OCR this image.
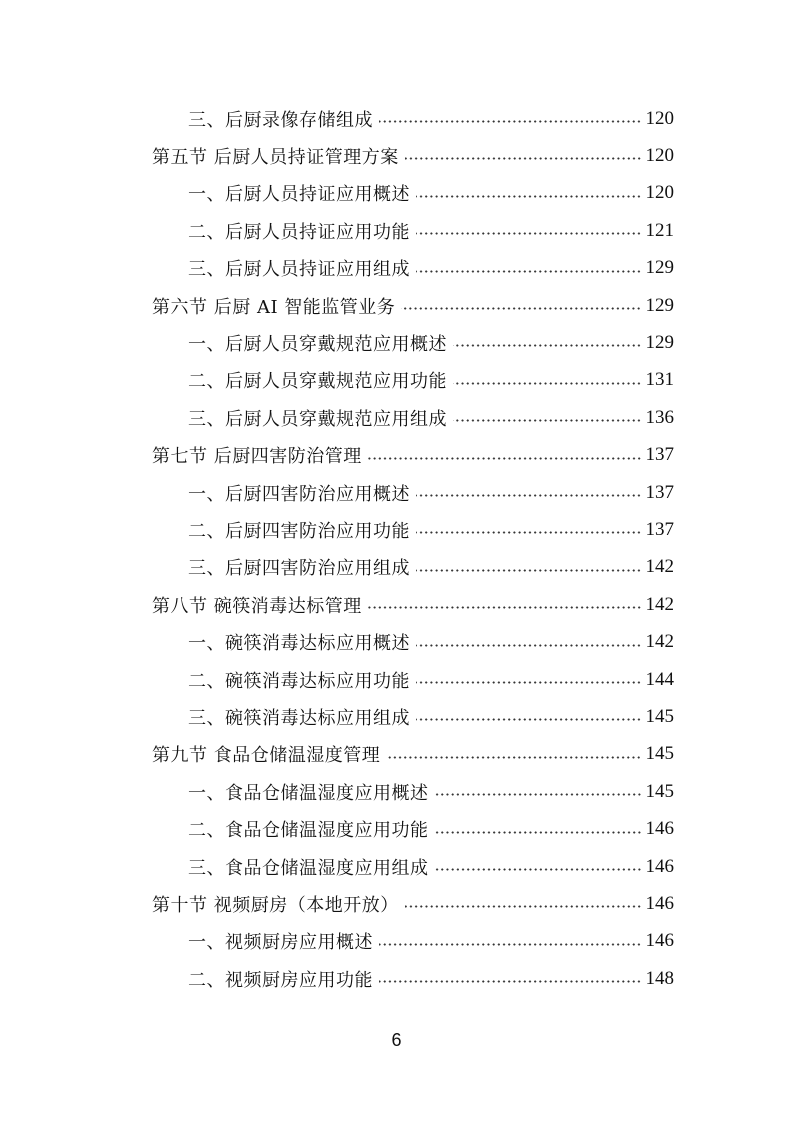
三、后厨录像存储组成	120
第五节 后厨人员持证管理方案	120
一、后厨人员持证应用概述	120
二、后厨人员持证应用功能	121
三、后厨人员持证应用组成	129
第六节 后厨 AI 智能监管业务	129
一、后厨人员穿戴规范应用概述	129
二、后厨人员穿戴规范应用功能	131
三、后厨人员穿戴规范应用组成	136
第七节 后厨四害防治管理	137
一、后厨四害防治应用概述	137
二、后厨四害防治应用功能	137
三、后厨四害防治应用组成	142
第八节 碗筷消毒达标管理	142
一、碗筷消毒达标应用概述	142
二、碗筷消毒达标应用功能	144
三、碗筷消毒达标应用组成	145
第九节 食品仓储温湿度管理	145
一、食品仓储温湿度应用概述	145
二、食品仓储温湿度应用功能	146
三、食品仓储温湿度应用组成	146
第十节 视频厨房（本地开放）	146
一、视频厨房应用概述	146
二、视频厨房应用功能	148
6
